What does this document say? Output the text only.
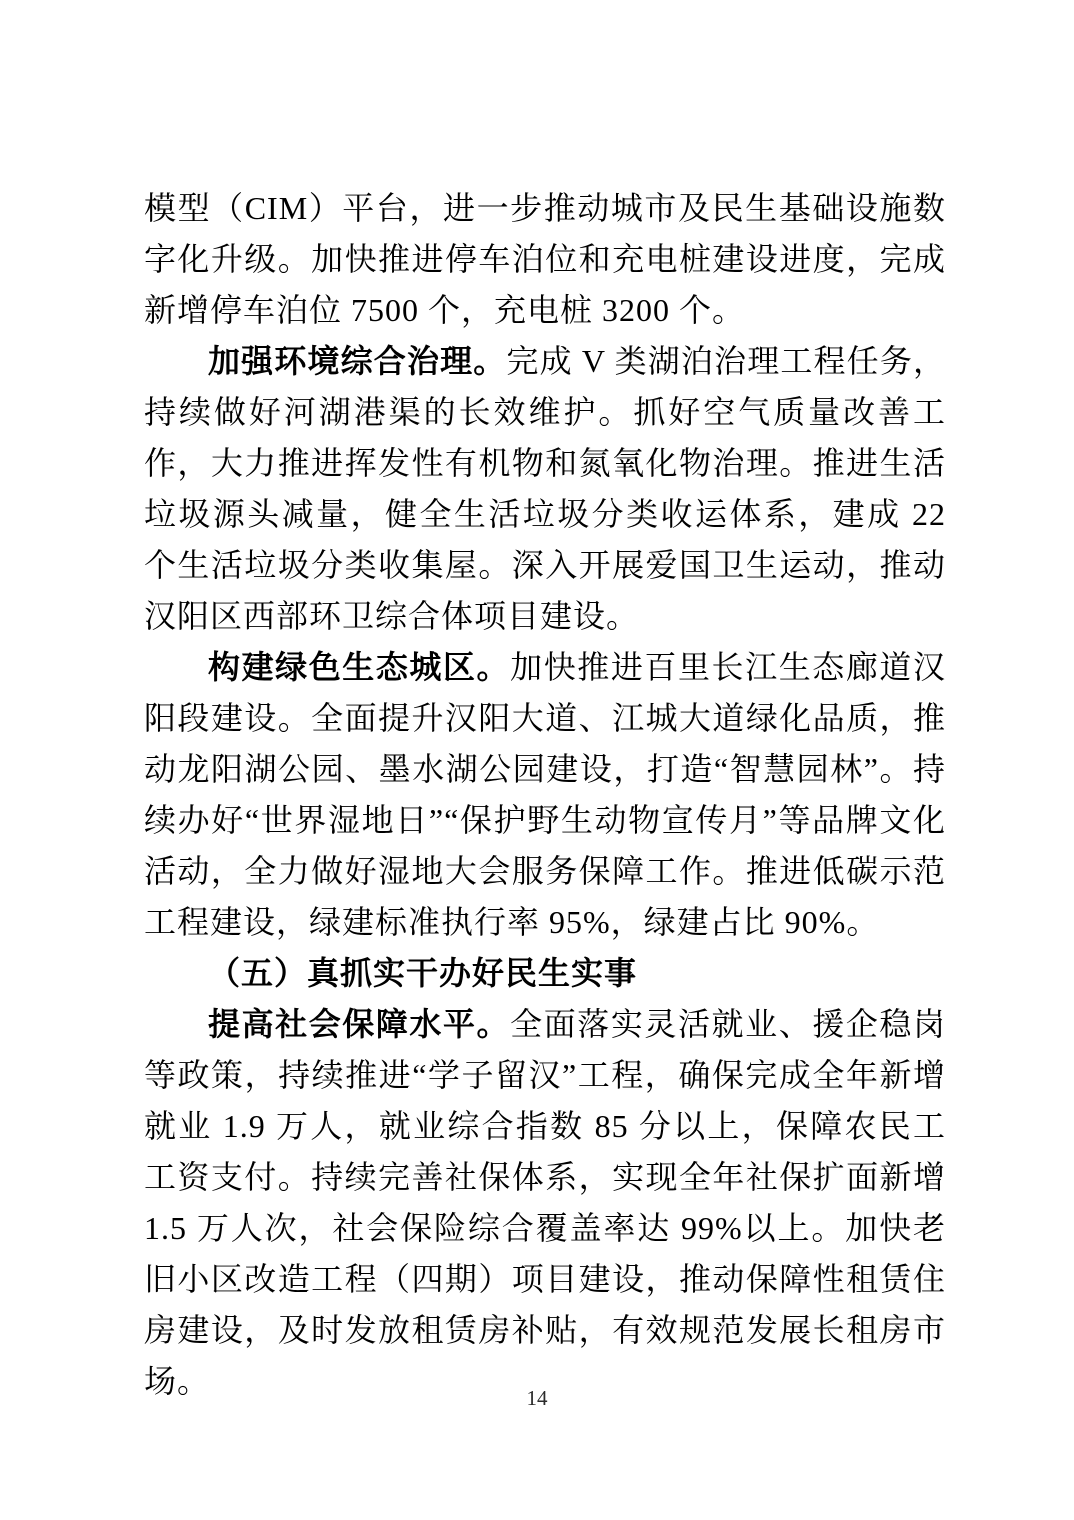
模型（CIM）平台，进一步推动城市及民生基础设施数字化升级。加快推进停车泊位和充电桩建设进度，完成新增停车泊位 7500 个，充电桩 3200 个。

加强环境综合治理。完成 V 类湖泊治理工程任务，持续做好河湖港渠的长效维护。抓好空气质量改善工作，大力推进挥发性有机物和氮氧化物治理。推进生活垃圾源头减量，健全生活垃圾分类收运体系，建成 22 个生活垃圾分类收集屋。深入开展爱国卫生运动，推动汉阳区西部环卫综合体项目建设。

构建绿色生态城区。加快推进百里长江生态廊道汉阳段建设。全面提升汉阳大道、江城大道绿化品质，推动龙阳湖公园、墨水湖公园建设，打造“智慧园林”。持续办好“世界湿地日”“保护野生动物宣传月”等品牌文化活动，全力做好湿地大会服务保障工作。推进低碳示范工程建设，绿建标准执行率 95%，绿建占比 90%。

（五）真抓实干办好民生实事

提高社会保障水平。全面落实灵活就业、援企稳岗等政策，持续推进“学子留汉”工程，确保完成全年新增就业 1.9 万人，就业综合指数 85 分以上，保障农民工工资支付。持续完善社保体系，实现全年社保扩面新增 1.5 万人次，社会保险综合覆盖率达 99%以上。加快老旧小区改造工程（四期）项目建设，推动保障性租赁住房建设，及时发放租赁房补贴，有效规范发展长租房市场。	14
